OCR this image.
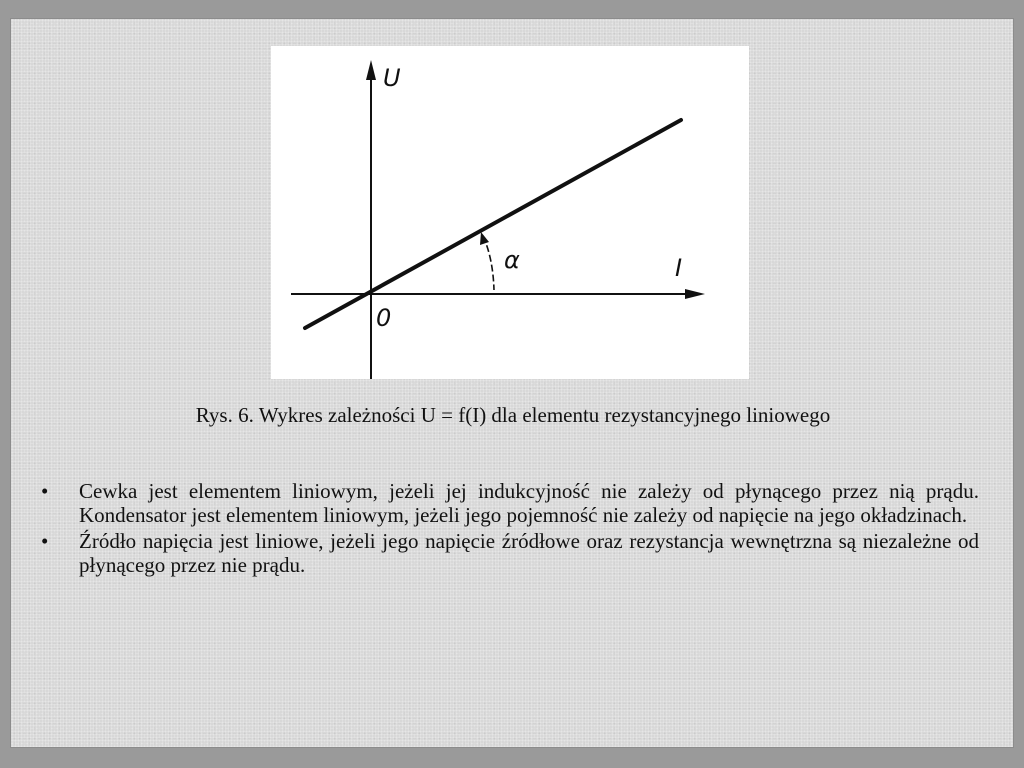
U
I
0
α
Rys. 6. Wykres zależności U = f(I) dla elementu rezystancyjnego liniowego
• Cewka jest elementem liniowym, jeżeli jej indukcyjność nie zależy od płynącego przez nią prądu. Kondensator jest elementem liniowym, jeżeli jego pojemność nie zależy od napięcie na jego okładzinach.
• Źródło napięcia jest liniowe, jeżeli jego napięcie źródłowe oraz rezystancja wewnętrzna są niezależne od płynącego przez nie prądu.
